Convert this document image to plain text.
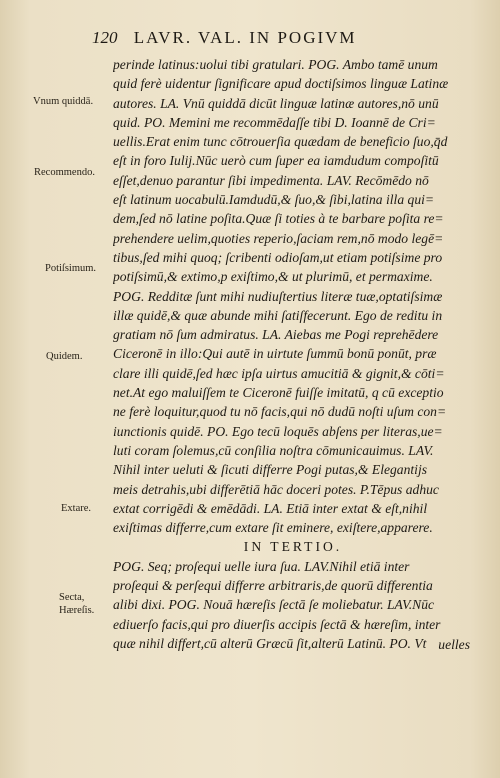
120 LAVR. VAL. IN POGIVM
Vnum quiddā.
Recommendo.
Potiſsimum.
Quidem.
Extare.
Secta,
Hæreſis.
perinde latinus:uolui tibi gratulari. POG. Ambo tamē unum
quid ferè uidentur ſignificare apud doctiſsimos linguæ Latinæ
autores. LA. Vnū quiddā dicūt linguæ latinæ autores,nō unū
quid. PO. Memini me recommēdaſſe tibi D. Ioannē de Cri=
uellis.Erat enim tunc cōtrouerſia quædam de beneficio ſuo,q̄d
eſt in foro Iulij.Nūc uerò cum ſuper ea iamdudum compoſitū
eſſet,denuo parantur ſibi impedimenta. LAV. Recōmēdo nō
eſt latinum uocabulū.Iamdudū,& ſuo,& ſibi,latina illa qui=
dem,ſed nō latine poſita.Quæ ſi toties à te barbare poſita re=
prehendere uelim,quoties reperio,ſaciam rem,nō modo legē=
tibus,ſed mihi quoq; ſcribenti odioſam,ut etiam potiſsime pro
potiſsimū,& extimo,p exiſtimo,& ut plurimū, et permaxime.
POG. Redditæ ſunt mihi nudiuſtertius literæ tuæ,optatiſsimæ
illæ quidē,& quæ abunde mihi ſatiſfecerunt. Ego de reditu in
gratiam nō ſum admiratus. LA. Aiebas me Pogi reprehēdere
Ciceronē in illo:Qui autē in uirtute ſummū bonū ponūt, præ
clare illi quidē,ſed hæc ipſa uirtus amucitiā & gignit,& cōti=
net.At ego maluiſſem te Ciceronē fuiſſe imitatū, q cū exceptio
ne ferè loquitur,quod tu nō facis,qui nō dudū noſti uſum con=
iunctionis quidē. PO. Ego tecū loquēs abſens per literas,ue=
luti coram ſolemus,cū conſilia noſtra cōmunicauimus. LAV.
Nihil inter ueluti & ſicuti differre Pogi putas,& Elegantijs
meis detrahis,ubi differētiā hāc doceri potes. P.Tēpus adhuc
extat corrigēdi & emēdādi. LA. Etiā inter extat & eſt,nihil
exiſtimas differre,cum extare ſit eminere, exiſtere,apparere.
IN TERTIO.
POG. Seq; proſequi uelle iura ſua. LAV.Nihil etiā inter
proſequi & perſequi differre arbitraris,de quorū differentia
alibi dixi. POG. Nouā hæreſis ſectā ſe moliebatur. LAV.Nūc
ediuerſo facis,qui pro diuerſis accipis ſectā & hæreſim, inter
quæ nihil differt,cū alterū Græcū ſit,alterū Latinū. PO. Vt uelles
